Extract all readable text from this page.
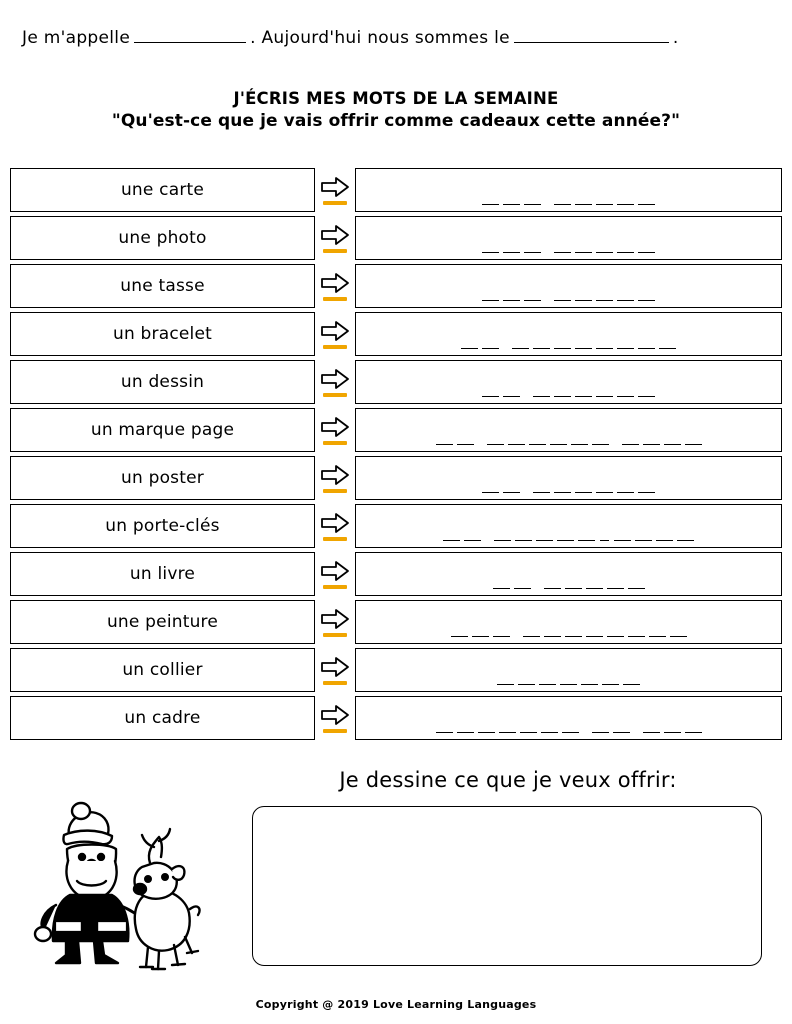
Je m'appelle	. Aujourd'hui nous sommes le	.
J'ÉCRIS MES MOTS DE LA SEMAINE
"Qu'est-ce que je vais offrir comme cadeaux cette année?"
une carte
une photo
une tasse
un bracelet
un dessin
un marque page
un poster
un porte-clés
un livre
une peinture
un collier
un cadre
Je dessine ce que je veux offrir:
Copyright @ 2019 Love Learning Languages
